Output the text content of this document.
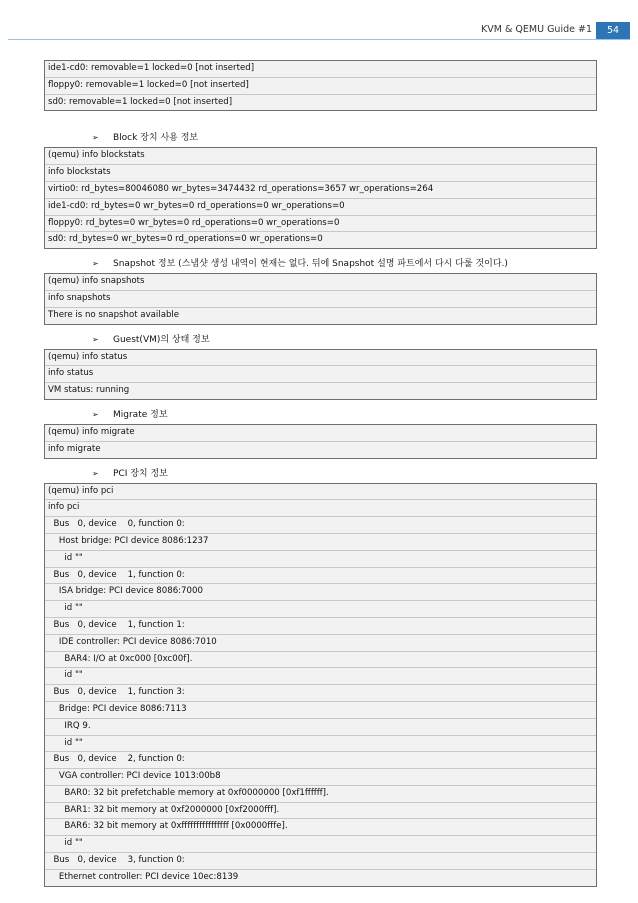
KVM & QEMU Guide #1	54
ide1-cd0: removable=1 locked=0 [not inserted]
floppy0: removable=1 locked=0 [not inserted]
sd0: removable=1 locked=0 [not inserted]
➢ Block 장치 사용 정보
(qemu) info blockstats
info blockstats
virtio0: rd_bytes=80046080 wr_bytes=3474432 rd_operations=3657 wr_operations=264
ide1-cd0: rd_bytes=0 wr_bytes=0 rd_operations=0 wr_operations=0
floppy0: rd_bytes=0 wr_bytes=0 rd_operations=0 wr_operations=0
sd0: rd_bytes=0 wr_bytes=0 rd_operations=0 wr_operations=0
➢ Snapshot 정보 (스냅샷 생성 내역이 현재는 없다. 뒤에 Snapshot 설명 파트에서 다시 다룰 것이다.)
(qemu) info snapshots
info snapshots
There is no snapshot available
➢ Guest(VM)의 상태 정보
(qemu) info status
info status
VM status: running
➢ Migrate 정보
(qemu) info migrate
info migrate
➢ PCI 장치 정보
(qemu) info pci
info pci
Bus   0, device    0, function 0:
Host bridge: PCI device 8086:1237
id ""
Bus   0, device    1, function 0:
ISA bridge: PCI device 8086:7000
id ""
Bus   0, device    1, function 1:
IDE controller: PCI device 8086:7010
BAR4: I/O at 0xc000 [0xc00f].
id ""
Bus   0, device    1, function 3:
Bridge: PCI device 8086:7113
IRQ 9.
id ""
Bus   0, device    2, function 0:
VGA controller: PCI device 1013:00b8
BAR0: 32 bit prefetchable memory at 0xf0000000 [0xf1ffffff].
BAR1: 32 bit memory at 0xf2000000 [0xf2000fff].
BAR6: 32 bit memory at 0xffffffffffffffff [0x0000fffe].
id ""
Bus   0, device    3, function 0:
Ethernet controller: PCI device 10ec:8139
